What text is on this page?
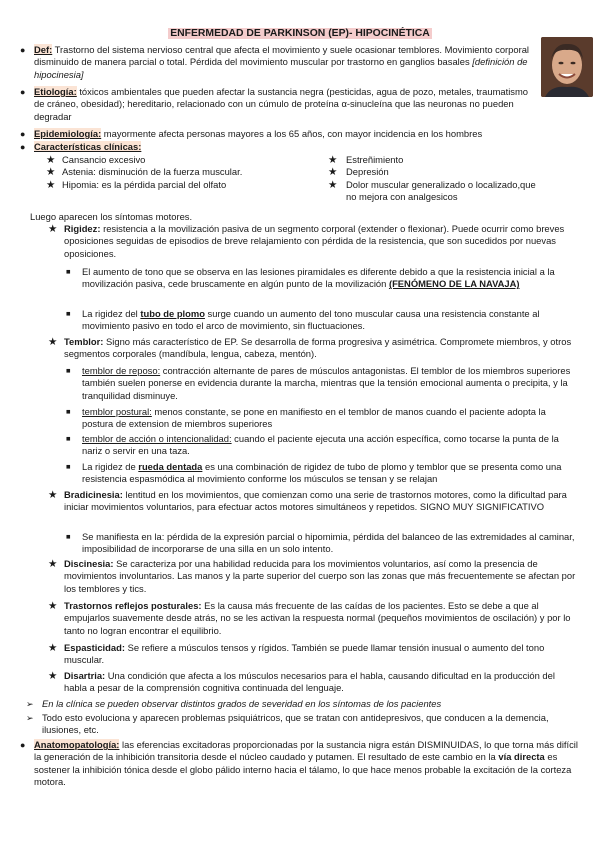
ENFERMEDAD DE PARKINSON (EP)- HIPOCINÉTICA
● Def: Trastorno del sistema nervioso central que afecta el movimiento y suele ocasionar temblores. Movimiento corporal disminuido de manera parcial o total. Pérdida del movimiento muscular por trastorno en ganglios basales [definición de hipocinesia]
● Etiología: tóxicos ambientales que pueden afectar la sustancia negra (pesticidas, agua de pozo, metales, traumatismo de cráneo, obesidad); hereditario, relacionado con un cúmulo de proteína α-sinucleína que las neuronas no pueden degradar
● Epidemiología: mayormente afecta personas mayores a los 65 años, con mayor incidencia en los hombres
● Características clínicas:
★ Cansancio excesivo
★ Astenia: disminución de la fuerza muscular.
★ Hipomia: es la pérdida parcial del olfato
★ Estreñimiento
★ Depresión
★ Dolor muscular generalizado o localizado,que
no mejora con analgesicos
Luego aparecen los síntomas motores.
★ Rigidez: resistencia a la movilización pasiva de un segmento corporal (extender o flexionar). Puede ocurrir como breves oposiciones seguidas de episodios de breve relajamiento con pérdida de la resistencia, que son sucedidos por nuevas oposiciones.
■ El aumento de tono que se observa en las lesiones piramidales es diferente debido a que la resistencia inicial a la movilización pasiva, cede bruscamente en algún punto de la movilización (FENÓMENO DE LA NAVAJA)
■ La rigidez del tubo de plomo surge cuando un aumento del tono muscular causa una resistencia constante al movimiento pasivo en todo el arco de movimiento, sin fluctuaciones.
★ Temblor: Signo más característico de EP. Se desarrolla de forma progresiva y asimétrica. Compromete miembros, y otros segmentos corporales (mandíbula, lengua, cabeza, mentón).
■ temblor de reposo: contracción alternante de pares de músculos antagonistas. El temblor de los miembros superiores también suelen ponerse en evidencia durante la marcha, mientras que la tensión emocional aumenta o precipita, y la tranquilidad disminuye.
■ temblor postural: menos constante, se pone en manifiesto en el temblor de manos cuando el paciente adopta la postura de extension de miembros superiores
■ temblor de acción o intencionalidad: cuando el paciente ejecuta una acción específica, como tocarse la punta de la nariz o servir en una taza.
■ La rigidez de rueda dentada es una combinación de rigidez de tubo de plomo y temblor que se presenta como una resistencia espasmódica al movimiento conforme los músculos se tensan y se relajan
★ Bradicinesia: lentitud en los movimientos, que comienzan como una serie de trastornos motores, como la dificultad para iniciar movimientos voluntarios, para efectuar actos motores simultáneos y repetidos. SIGNO MUY SIGNIFICATIVO
■ Se manifiesta en la: pérdida de la expresión parcial o hipomimia, pérdida del balanceo de las extremidades al caminar, imposibilidad de incorporarse de una silla en un solo intento.
★ Discinesia: Se caracteriza por una habilidad reducida para los movimientos voluntarios, así como la presencia de movimientos involuntarios. Las manos y la parte superior del cuerpo son las zonas que más frecuentemente se afectan por los temblores y tics.
★ Trastornos reflejos posturales: Es la causa más frecuente de las caídas de los pacientes. Esto se debe a que al empujarlos suavemente desde atrás, no se les activan la respuesta normal (pequeños movimientos de oscilación) y por lo tanto no logran encontrar el equilibrio.
★ Espasticidad: Se refiere a músculos tensos y rígidos. También se puede llamar tensión inusual o aumento del tono muscular.
★ Disartria: Una condición que afecta a los músculos necesarios para el habla, causando dificultad en la producción del habla a pesar de la comprensión cognitiva continuada del lenguaje.
➢ En la clínica se pueden observar distintos grados de severidad en los síntomas de los pacientes
➢ Todo esto evoluciona y aparecen problemas psiquiátricos, que se tratan con antidepresivos, que conducen a la demencia, ilusiones, etc.
● Anatomopatología: las eferencias excitadoras proporcionadas por la sustancia nigra están DISMINUIDAS, lo que torna más difícil la generación de la inhibición transitoria desde el núcleo caudado y putamen. El resultado de este cambio en la vía directa es sostener la inhibición tónica desde el globo pálido interno hacia el tálamo, lo que hace menos probable la excitación de la corteza motora.
